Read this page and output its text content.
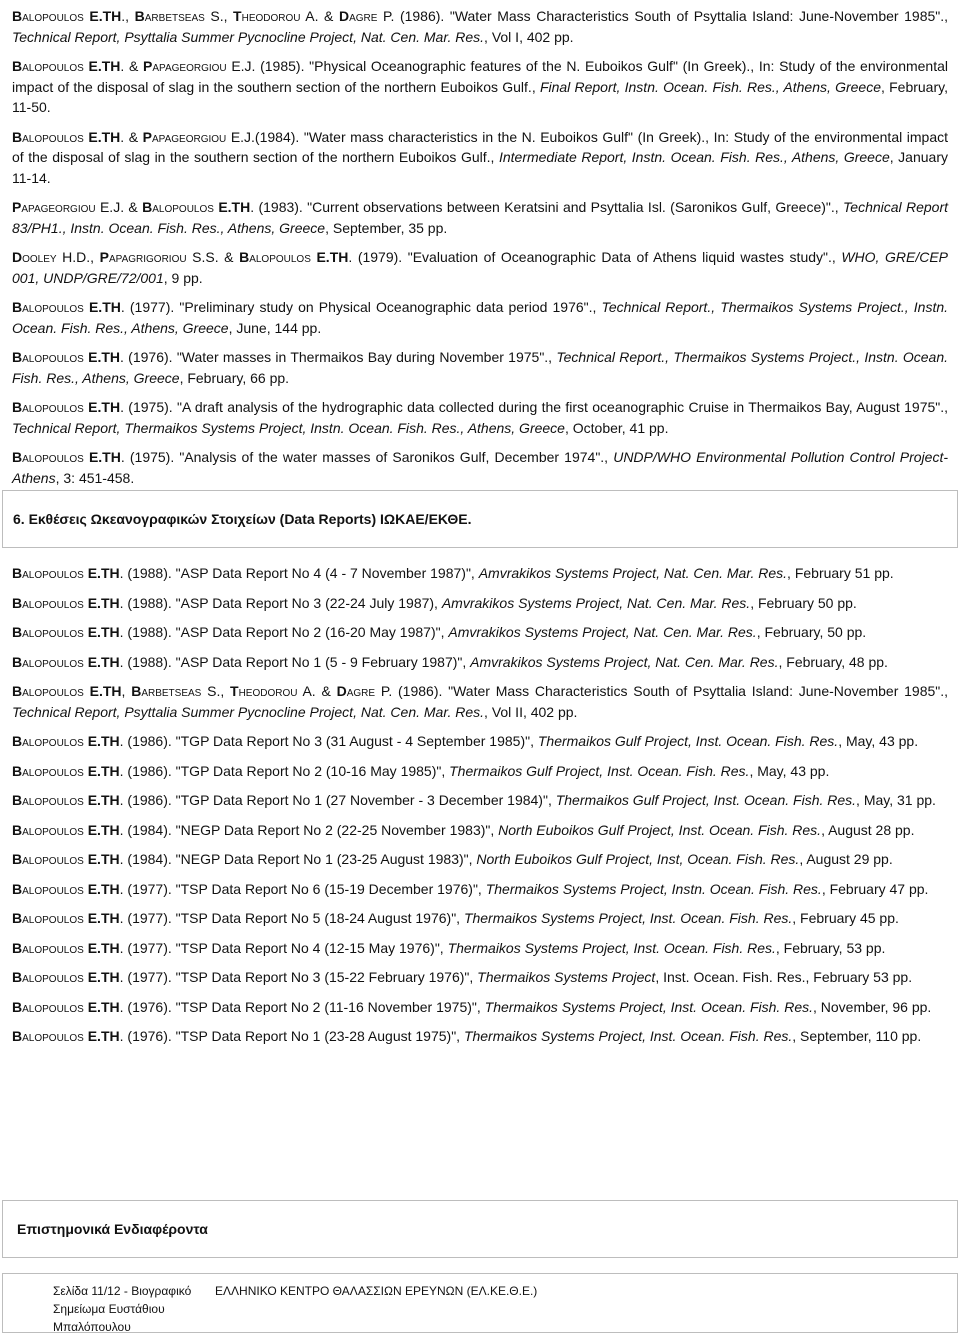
Balopoulos E.ΤΗ., Barbetseas S., Theodorou A. & Dagre P. (1986). "Water Mass Characteristics South of Psyttalia Island: June-November 1985"., Technical Report, Psyttalia Summer Pycnocline Project, Nat. Cen. Mar. Res., Vol I, 402 pp.

Balopoulos E.ΤΗ. & Papageorgiou E.J. (1985). "Physical Oceanographic features of the N. Euboikos Gulf" (In Greek)., In: Study of the environmental impact of the disposal of slag in the southern section of the northern Euboikos Gulf., Final Report, Instn. Ocean. Fish. Res., Athens, Greece, February, 11-50.

Balopoulos E.ΤΗ. & Papageorgiou E.J.(1984). "Water mass characteristics in the N. Euboikos Gulf" (In Greek)., In: Study of the environmental impact of the disposal of slag in the southern section of the northern Euboikos Gulf., Intermediate Report, Instn. Ocean. Fish. Res., Athens, Greece, January 11-14.

Papageorgiou E.J. & Balopoulos E.ΤΗ. (1983). "Current observations between Keratsini and Psyttalia Isl. (Saronikos Gulf, Greece)"., Technical Report 83/PH1., Instn. Ocean. Fish. Res., Athens, Greece, September, 35 pp.

Dooley H.D., Papagrigoriou S.S. & Balopoulos E.ΤΗ. (1979). "Evaluation of Oceanographic Data of Athens liquid wastes study"., WHO, GRE/CEP 001, UNDP/GRE/72/001, 9 pp.

Balopoulos E.ΤΗ. (1977). "Preliminary study on Physical Oceanographic data period 1976"., Technical Report., Thermaikos Systems Project., Instn. Ocean. Fish. Res., Athens, Greece, June, 144 pp.

Balopoulos E.ΤΗ. (1976). "Water masses in Thermaikos Bay during November 1975"., Technical Report., Thermaikos Systems Project., Instn. Ocean. Fish. Res., Athens, Greece, February, 66 pp.

Balopoulos E.ΤΗ. (1975). "A draft analysis of the hydrographic data collected during the first oceanographic Cruise in Thermaikos Bay, August 1975"., Technical Report, Thermaikos Systems Project, Instn. Ocean. Fish. Res., Athens, Greece, October, 41 pp.

Balopoulos E.ΤΗ. (1975). "Analysis of the water masses of Saronikos Gulf, December 1974"., UNDP/WHO Environmental Pollution Control Project-Athens, 3: 451-458.

6. Εκθέσεις Ωκεανογραφικών Στοιχείων (Data Reports) ΙΩΚΑΕ/ΕΚΘΕ.

Balopoulos E.ΤΗ. (1988). "ASP Data Report No 4 (4 - 7 November 1987)", Amvrakikos Systems Project, Nat. Cen. Mar. Res., February 51 pp.

Balopoulos E.ΤΗ. (1988). "ASP Data Report No 3 (22-24 July 1987), Amvrakikos Systems Project, Nat. Cen. Mar. Res., February 50 pp.

Balopoulos E.ΤΗ. (1988). "ASP Data Report No 2 (16-20 May 1987)", Amvrakikos Systems Project, Nat. Cen. Mar. Res., February, 50 pp.

Balopoulos E.ΤΗ. (1988). "ASP Data Report No 1 (5 - 9 February 1987)", Amvrakikos Systems Project, Nat. Cen. Mar. Res., February, 48 pp.

Balopoulos E.ΤΗ, Barbetseas S., Theodorou A. & Dagre P. (1986). "Water Mass Characteristics South of Psyttalia Island: June-November 1985"., Technical Report, Psyttalia Summer Pycnocline Project, Nat. Cen. Mar. Res., Vol II, 402 pp.

Balopoulos E.ΤΗ. (1986). "TGP Data Report No 3 (31 August - 4 September 1985)", Thermaikos Gulf Project, Inst. Ocean. Fish. Res., May, 43 pp.

Balopoulos E.ΤΗ. (1986). "TGP Data Report No 2 (10-16 May 1985)", Thermaikos Gulf Project, Inst. Ocean. Fish. Res., May, 43 pp.

Balopoulos E.ΤΗ. (1986). "TGP Data Report No 1 (27 November - 3 December 1984)", Thermaikos Gulf Project, Inst. Ocean. Fish. Res., May, 31 pp.

Balopoulos E.ΤΗ. (1984). "NEGP Data Report No 2 (22-25 November 1983)", North Euboikos Gulf Project, Inst. Ocean. Fish. Res., August 28 pp.

Balopoulos E.ΤΗ. (1984). "NEGP Data Report No 1 (23-25 August 1983)", North Euboikos Gulf Project, Inst, Ocean. Fish. Res., August 29 pp.

Balopoulos E.ΤΗ. (1977). "TSP Data Report No 6 (15-19 December 1976)", Thermaikos Systems Project, Instn. Ocean. Fish. Res., February 47 pp.

Balopoulos E.ΤΗ. (1977). "TSP Data Report No 5 (18-24 August 1976)", Thermaikos Systems Project, Inst. Ocean. Fish. Res., February 45 pp.

Balopoulos E.ΤΗ. (1977). "TSP Data Report No 4 (12-15 May 1976)", Thermaikos Systems Project, Inst. Ocean. Fish. Res., February, 53 pp.

Balopoulos E.ΤΗ. (1977). "TSP Data Report No 3 (15-22 February 1976)", Thermaikos Systems Project, Inst. Ocean. Fish. Res., February 53 pp.

Balopoulos E.ΤΗ. (1976). "TSP Data Report No 2 (11-16 November 1975)", Thermaikos Systems Project, Inst. Ocean. Fish. Res., November, 96 pp.

Balopoulos E.ΤΗ. (1976). "TSP Data Report No 1 (23-28 August 1975)", Thermaikos Systems Project, Inst. Ocean. Fish. Res., September, 110 pp.

Επιστημονικά Ενδιαφέροντα
Σελίδα 11/12 - Βιογραφικό Σημείωμα Ευστάθιου Μπαλόπουλου
ΕΛΛΗΝΙΚΟ ΚΕΝΤΡΟ ΘΑΛΑΣΣΙΩΝ ΕΡΕΥΝΩΝ (ΕΛ.ΚΕ.Θ.Ε.)
